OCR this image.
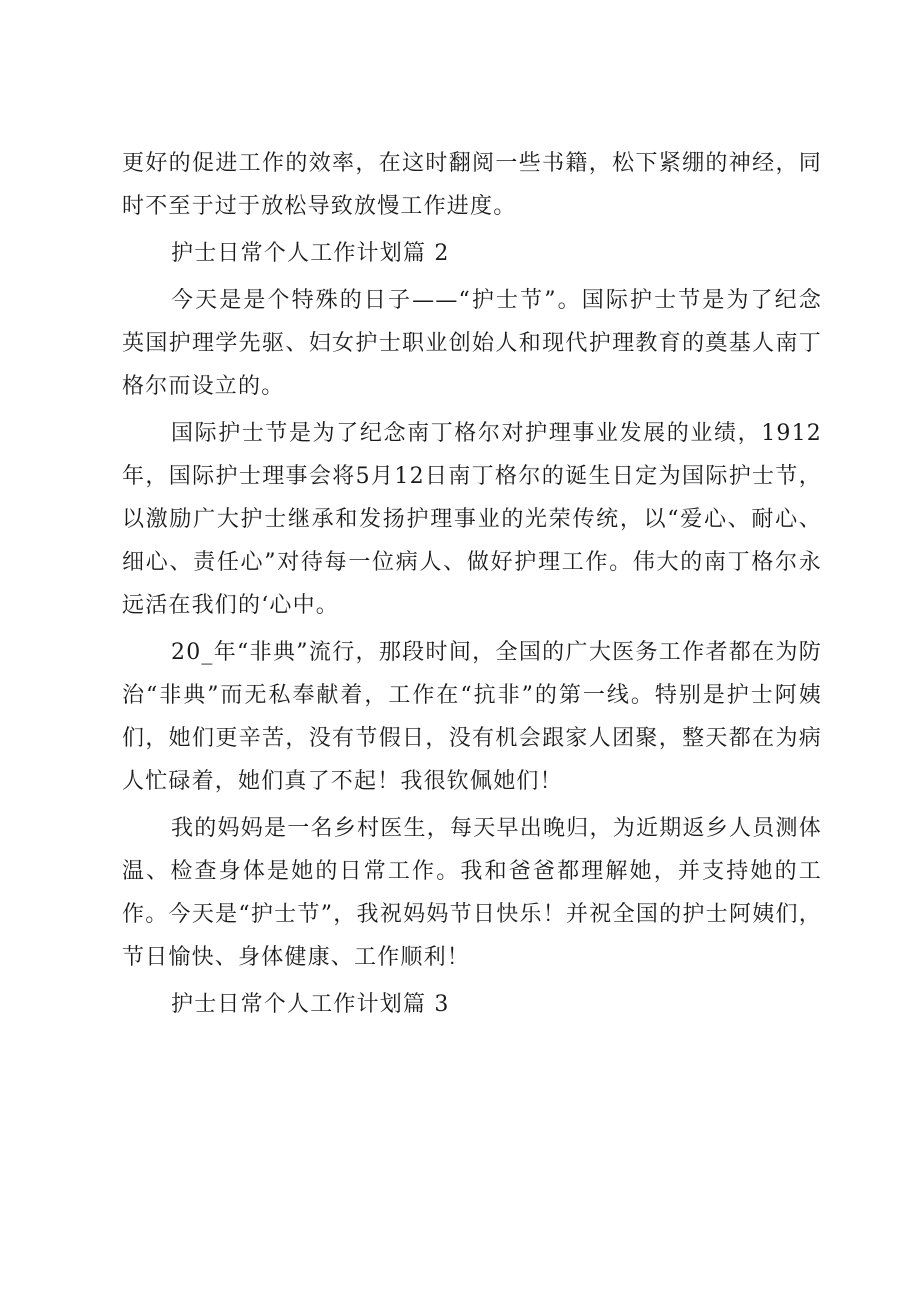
更好的促进工作的效率，在这时翻阅一些书籍，松下紧绷的神经，同时不至于过于放松导致放慢工作进度。

护士日常个人工作计划篇 2

今天是是个特殊的日子——“护士节”。国际护士节是为了纪念英国护理学先驱、妇女护士职业创始人和现代护理教育的奠基人南丁格尔而设立的。

国际护士节是为了纪念南丁格尔对护理事业发展的业绩，1912年，国际护士理事会将5月12日南丁格尔的诞生日定为国际护士节，以激励广大护士继承和发扬护理事业的光荣传统，以“爱心、耐心、细心、责任心”对待每一位病人、做好护理工作。伟大的南丁格尔永远活在我们的‘心中。

20_年“非典”流行，那段时间，全国的广大医务工作者都在为防治“非典”而无私奉献着，工作在“抗非”的第一线。特别是护士阿姨们，她们更辛苦，没有节假日，没有机会跟家人团聚，整天都在为病人忙碌着，她们真了不起！我很钦佩她们！

我的妈妈是一名乡村医生，每天早出晚归，为近期返乡人员测体温、检查身体是她的日常工作。我和爸爸都理解她，并支持她的工作。今天是“护士节”，我祝妈妈节日快乐！并祝全国的护士阿姨们，节日愉快、身体健康、工作顺利！

护士日常个人工作计划篇 3
